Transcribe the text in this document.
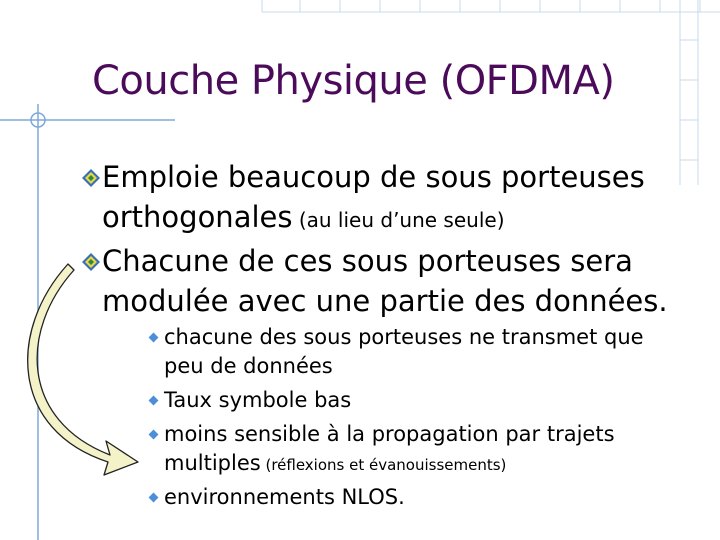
Couche Physique (OFDMA)
Emploie beaucoup de sous porteuses orthogonales (au lieu d’une seule)
Chacune de ces sous porteuses sera modulée avec une partie des données.
chacune des sous porteuses ne transmet que peu de données
Taux symbole bas
moins sensible à la propagation par trajets multiples (réflexions et évanouissements)
environnements NLOS.
